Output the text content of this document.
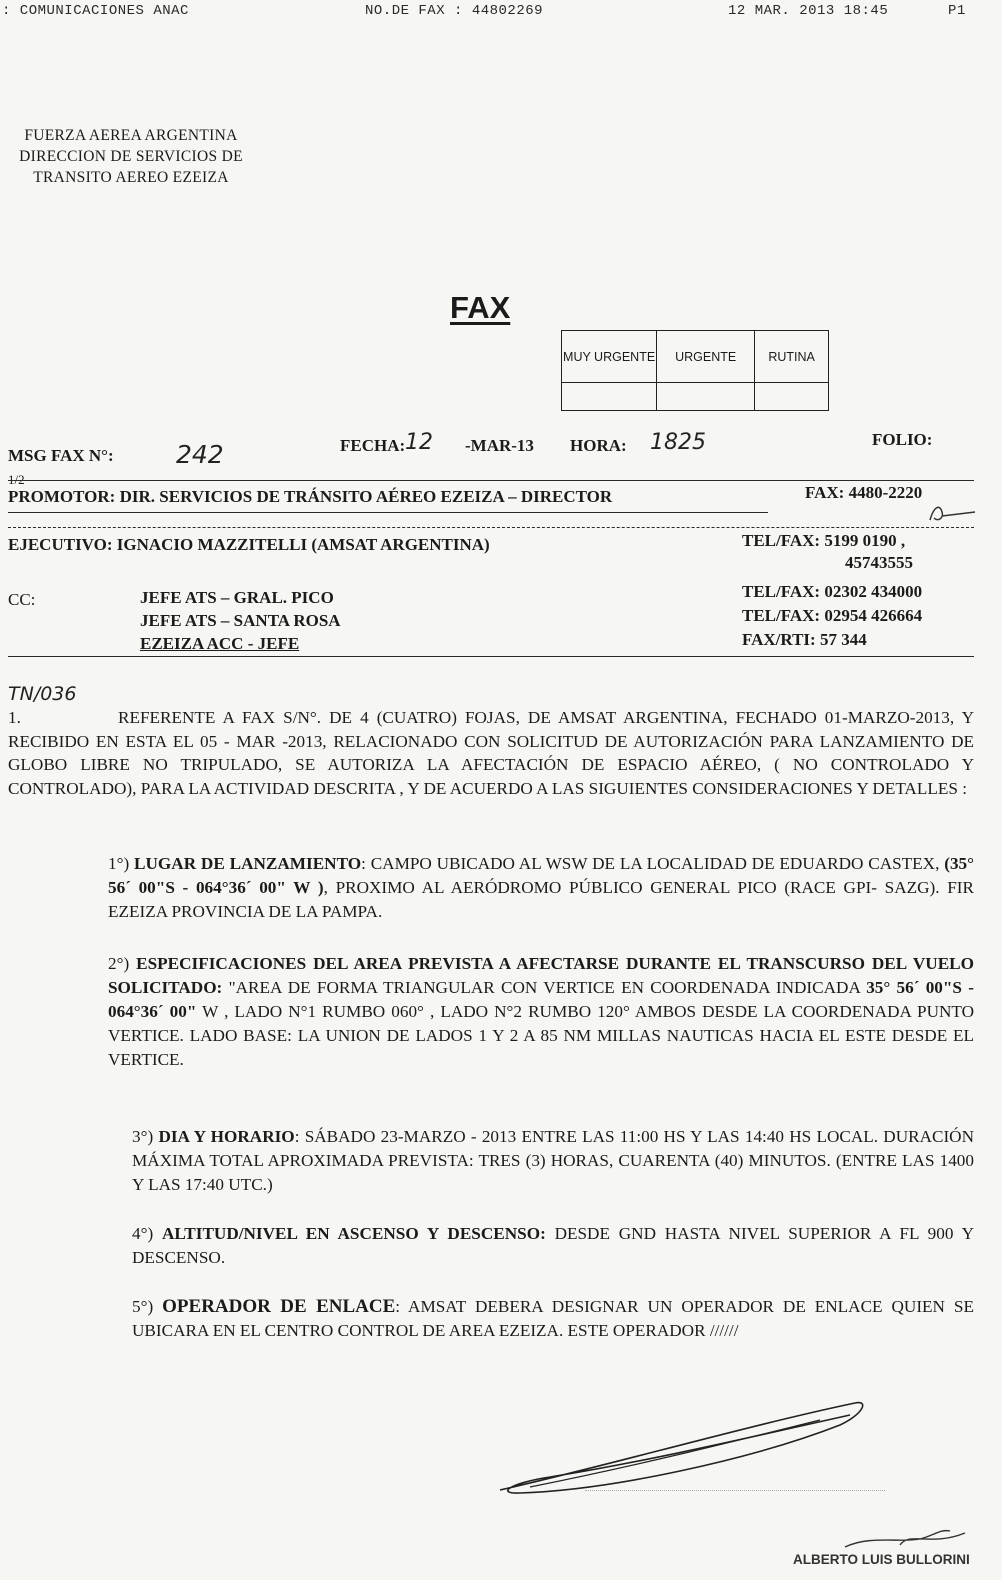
: COMUNICACIONES ANAC	NO.DE FAX : 44802269	12 MAR. 2013 18:45	P1
FUERZA AEREA ARGENTINA
DIRECCION DE SERVICIOS DE
TRANSITO AEREO EZEIZA
FAX
MUY URGENTE	URGENTE	RUTINA

MSG FAX N°: 242
1/2
FECHA: 12 -MAR-13 HORA: 1825	FOLIO:
PROMOTOR: DIR. SERVICIOS DE TRÁNSITO AÉREO EZEIZA – DIRECTOR	FAX: 4480-2220
EJECUTIVO: IGNACIO MAZZITELLI (AMSAT ARGENTINA)	TEL/FAX: 5199 0190 ,
45743555
CC:	JEFE ATS – GRAL. PICO
JEFE ATS – SANTA ROSA
EZEIZA ACC - JEFE
TEL/FAX: 02302 434000
TEL/FAX: 02954 426664
FAX/RTI: 57 344
TN/036
1.	REFERENTE A FAX S/N°. DE 4 (CUATRO) FOJAS, DE AMSAT ARGENTINA, FECHADO 01-MARZO-2013, Y RECIBIDO EN ESTA EL 05 - MAR -2013, RELACIONADO CON SOLICITUD DE AUTORIZACIÓN PARA LANZAMIENTO DE GLOBO LIBRE NO TRIPULADO, SE AUTORIZA LA AFECTACIÓN DE ESPACIO AÉREO, ( NO CONTROLADO Y CONTROLADO), PARA LA ACTIVIDAD DESCRITA , Y DE ACUERDO A LAS SIGUIENTES CONSIDERACIONES Y DETALLES :
1°) LUGAR DE LANZAMIENTO: CAMPO UBICADO AL WSW DE LA LOCALIDAD DE EDUARDO CASTEX, (35° 56´ 00"S - 064°36´ 00" W ), PROXIMO AL AERÓDROMO PÚBLICO GENERAL PICO (RACE GPI- SAZG). FIR EZEIZA PROVINCIA DE LA PAMPA.
2°) ESPECIFICACIONES DEL AREA PREVISTA A AFECTARSE DURANTE EL TRANSCURSO DEL VUELO SOLICITADO: "AREA DE FORMA TRIANGULAR CON VERTICE EN COORDENADA INDICADA 35° 56´ 00"S - 064°36´ 00" W , LADO N°1 RUMBO 060° , LADO N°2 RUMBO 120° AMBOS DESDE LA COORDENADA PUNTO VERTICE. LADO BASE: LA UNION DE LADOS 1 Y 2 A 85 NM MILLAS NAUTICAS HACIA EL ESTE DESDE EL VERTICE.
3°) DIA Y HORARIO: SÁBADO 23-MARZO - 2013 ENTRE LAS 11:00 HS Y LAS 14:40 HS LOCAL. DURACIÓN MÁXIMA TOTAL APROXIMADA PREVISTA: TRES (3) HORAS, CUARENTA (40) MINUTOS. (ENTRE LAS 1400 Y LAS 17:40 UTC.)
4°) ALTITUD/NIVEL EN ASCENSO Y DESCENSO: DESDE GND HASTA NIVEL SUPERIOR A FL 900 Y DESCENSO.
5°) OPERADOR DE ENLACE: AMSAT DEBERA DESIGNAR UN OPERADOR DE ENLACE QUIEN SE UBICARA EN EL CENTRO CONTROL DE AREA EZEIZA. ESTE OPERADOR //////
ALBERTO LUIS BULLORINI
